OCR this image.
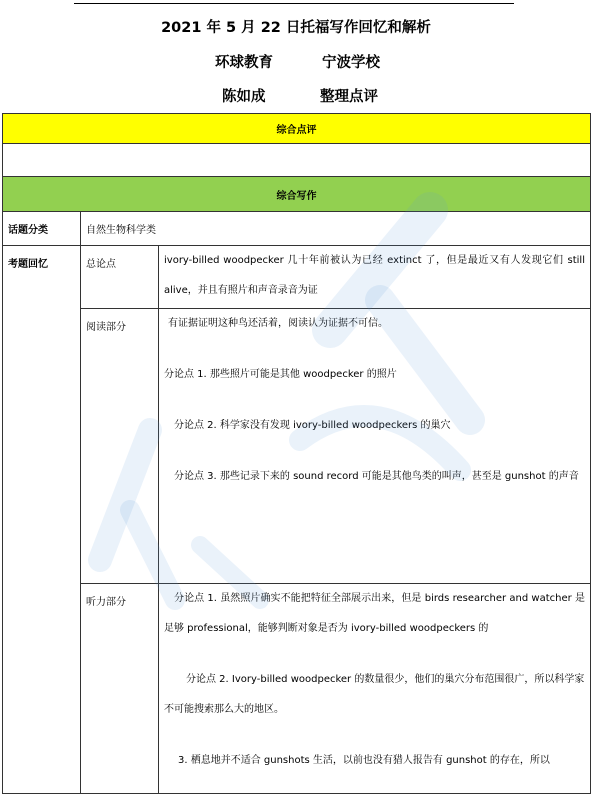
2021 年 5 月 22 日托福写作回忆和解析
环球教育	宁波学校
陈如成	整理点评
综合点评		

综合写作		
话题分类	自然生物科学类	
考题回忆	总论点	ivory-billed woodpecker 几十年前被认为已经 extinct 了，但是最近又有人发现它们 still alive，并且有照片和声音录音为证
	阅读部分	有证据证明这种鸟还活着，阅读认为证据不可信。
分论点 1. 那些照片可能是其他 woodpecker 的照片
分论点 2. 科学家没有发现 ivory-billed woodpeckers 的巢穴
分论点 3. 那些记录下来的 sound record 可能是其他鸟类的叫声，甚至是 gunshot 的声音

	听力部分	分论点 1. 虽然照片确实不能把特征全部展示出来，但是 birds researcher and watcher 是足够 professional，能够判断对象是否为 ivory-billed woodpeckers 的
分论点 2. Ivory-billed woodpecker 的数量很少，他们的巢穴分布范围很广，所以科学家不可能搜索那么大的地区。
3. 栖息地并不适合 gunshots 生活，以前也没有猎人报告有 gunshot 的存在，所以
